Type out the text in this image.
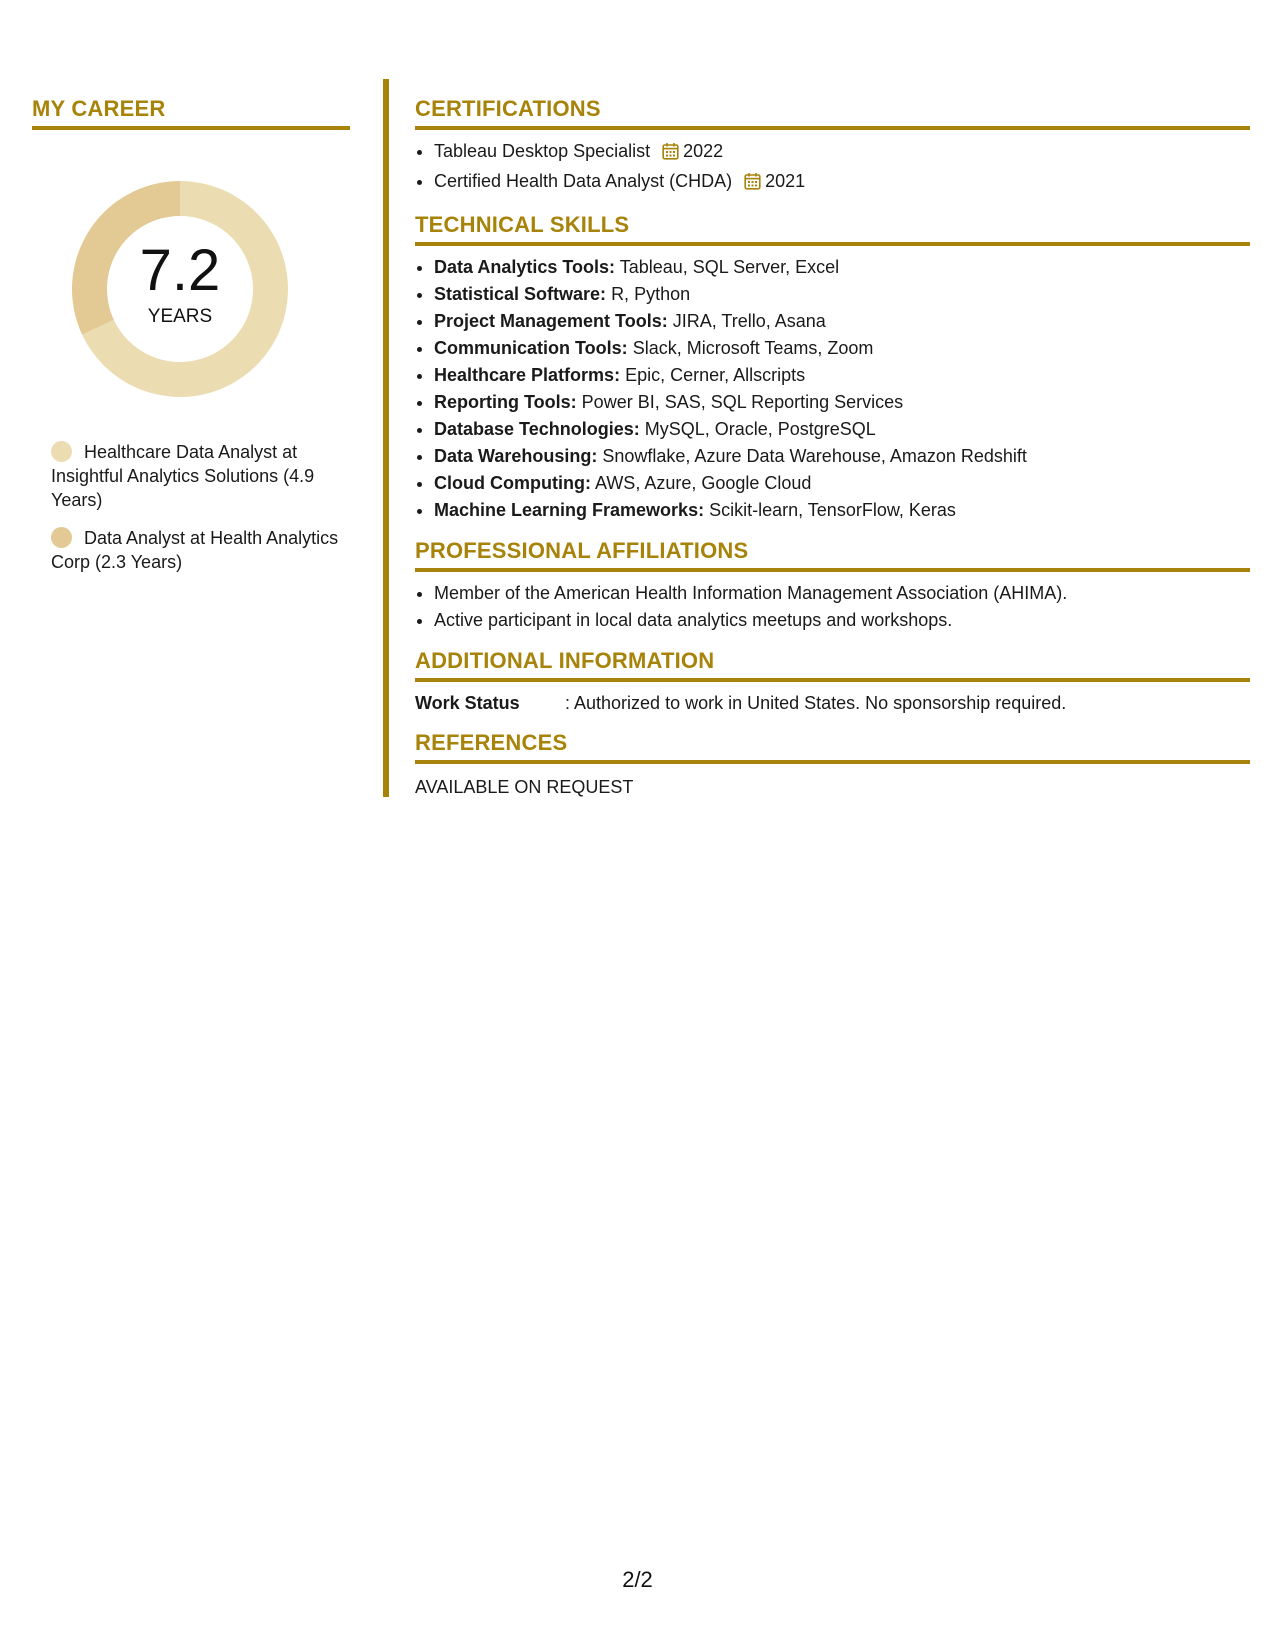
MY CAREER
7.2
YEARS
Healthcare Data Analyst at Insightful Analytics Solutions (4.9 Years)
Data Analyst at Health Analytics Corp (2.3 Years)
CERTIFICATIONS
• Tableau Desktop Specialist 2022
• Certified Health Data Analyst (CHDA) 2021
TECHNICAL SKILLS
• Data Analytics Tools: Tableau, SQL Server, Excel
• Statistical Software: R, Python
• Project Management Tools: JIRA, Trello, Asana
• Communication Tools: Slack, Microsoft Teams, Zoom
• Healthcare Platforms: Epic, Cerner, Allscripts
• Reporting Tools: Power BI, SAS, SQL Reporting Services
• Database Technologies: MySQL, Oracle, PostgreSQL
• Data Warehousing: Snowflake, Azure Data Warehouse, Amazon Redshift
• Cloud Computing: AWS, Azure, Google Cloud
• Machine Learning Frameworks: Scikit-learn, TensorFlow, Keras
PROFESSIONAL AFFILIATIONS
• Member of the American Health Information Management Association (AHIMA).
• Active participant in local data analytics meetups and workshops.
ADDITIONAL INFORMATION
Work Status	: Authorized to work in United States. No sponsorship required.
REFERENCES
AVAILABLE ON REQUEST
2/2
